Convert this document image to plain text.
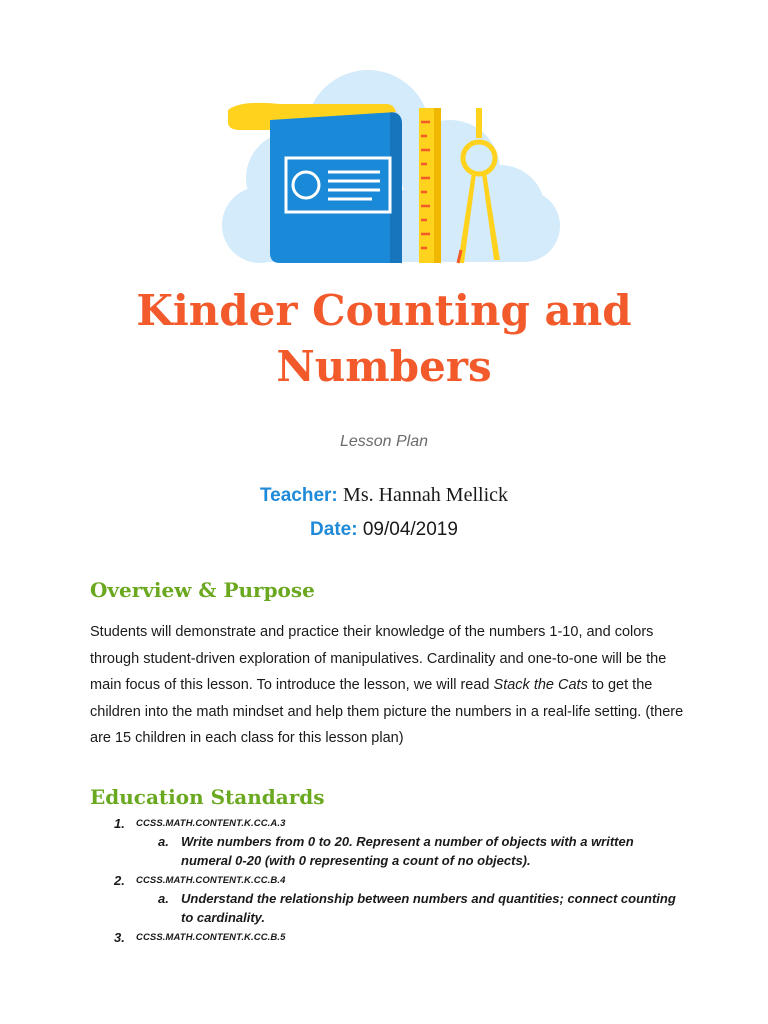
Kinder Counting and
Numbers
Lesson Plan
Teacher: Ms. Hannah Mellick
Date: 09/04/2019
Overview & Purpose
Students will demonstrate and practice their knowledge of the numbers 1-10, and colors through student-driven exploration of manipulatives. Cardinality and one-to-one will be the main focus of this lesson. To introduce the lesson, we will read Stack the Cats to get the children into the math mindset and help them picture the numbers in a real-life setting. (there are 15 children in each class for this lesson plan)
Education Standards
1. CCSS.MATH.CONTENT.K.CC.A.3
a. Write numbers from 0 to 20. Represent a number of objects with a written numeral 0-20 (with 0 representing a count of no objects).
2. CCSS.MATH.CONTENT.K.CC.B.4
a. Understand the relationship between numbers and quantities; connect counting to cardinality.
3. CCSS.MATH.CONTENT.K.CC.B.5
